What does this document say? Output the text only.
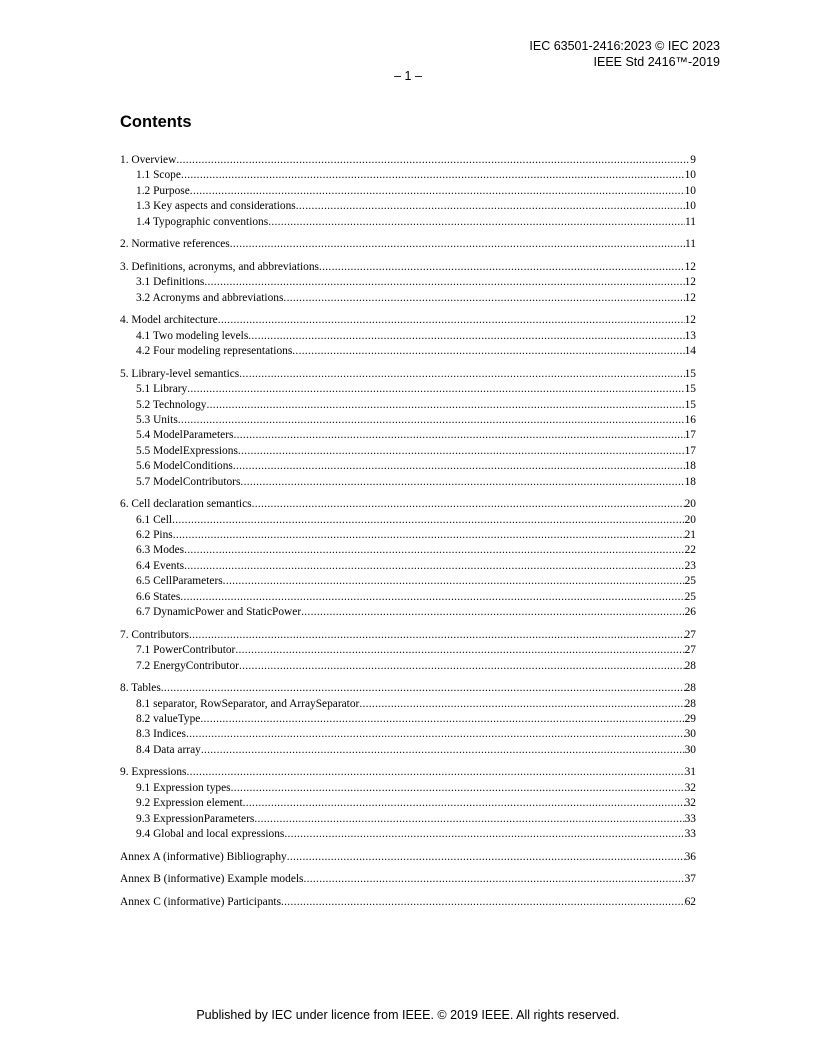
IEC 63501-2416:2023 © IEC 2023
IEEE Std 2416™-2019
– 1 –
Contents
1. Overview .....	9
1.1 Scope .....	10
1.2 Purpose .....	10
1.3 Key aspects and considerations .....	10
1.4 Typographic conventions .....	11
2. Normative references .....	11
3. Definitions, acronyms, and abbreviations .....	12
3.1 Definitions .....	12
3.2 Acronyms and abbreviations .....	12
4. Model architecture .....	12
4.1 Two modeling levels .....	13
4.2 Four modeling representations .....	14
5. Library-level semantics .....	15
5.1 Library .....	15
5.2 Technology .....	15
5.3 Units .....	16
5.4 ModelParameters .....	17
5.5 ModelExpressions .....	17
5.6 ModelConditions .....	18
5.7 ModelContributors .....	18
6. Cell declaration semantics .....	20
6.1 Cell .....	20
6.2 Pins .....	21
6.3 Modes .....	22
6.4 Events .....	23
6.5 CellParameters .....	25
6.6 States .....	25
6.7 DynamicPower and StaticPower .....	26
7. Contributors .....	27
7.1 PowerContributor .....	27
7.2 EnergyContributor .....	28
8. Tables .....	28
8.1 separator, RowSeparator, and ArraySeparator .....	28
8.2 valueType .....	29
8.3 Indices .....	30
8.4 Data array .....	30
9. Expressions .....	31
9.1 Expression types .....	32
9.2 Expression element .....	32
9.3 ExpressionParameters .....	33
9.4 Global and local expressions .....	33
Annex A (informative) Bibliography .....	36
Annex B (informative) Example models .....	37
Annex C (informative) Participants .....	62
Published by IEC under licence from IEEE. © 2019 IEEE. All rights reserved.
